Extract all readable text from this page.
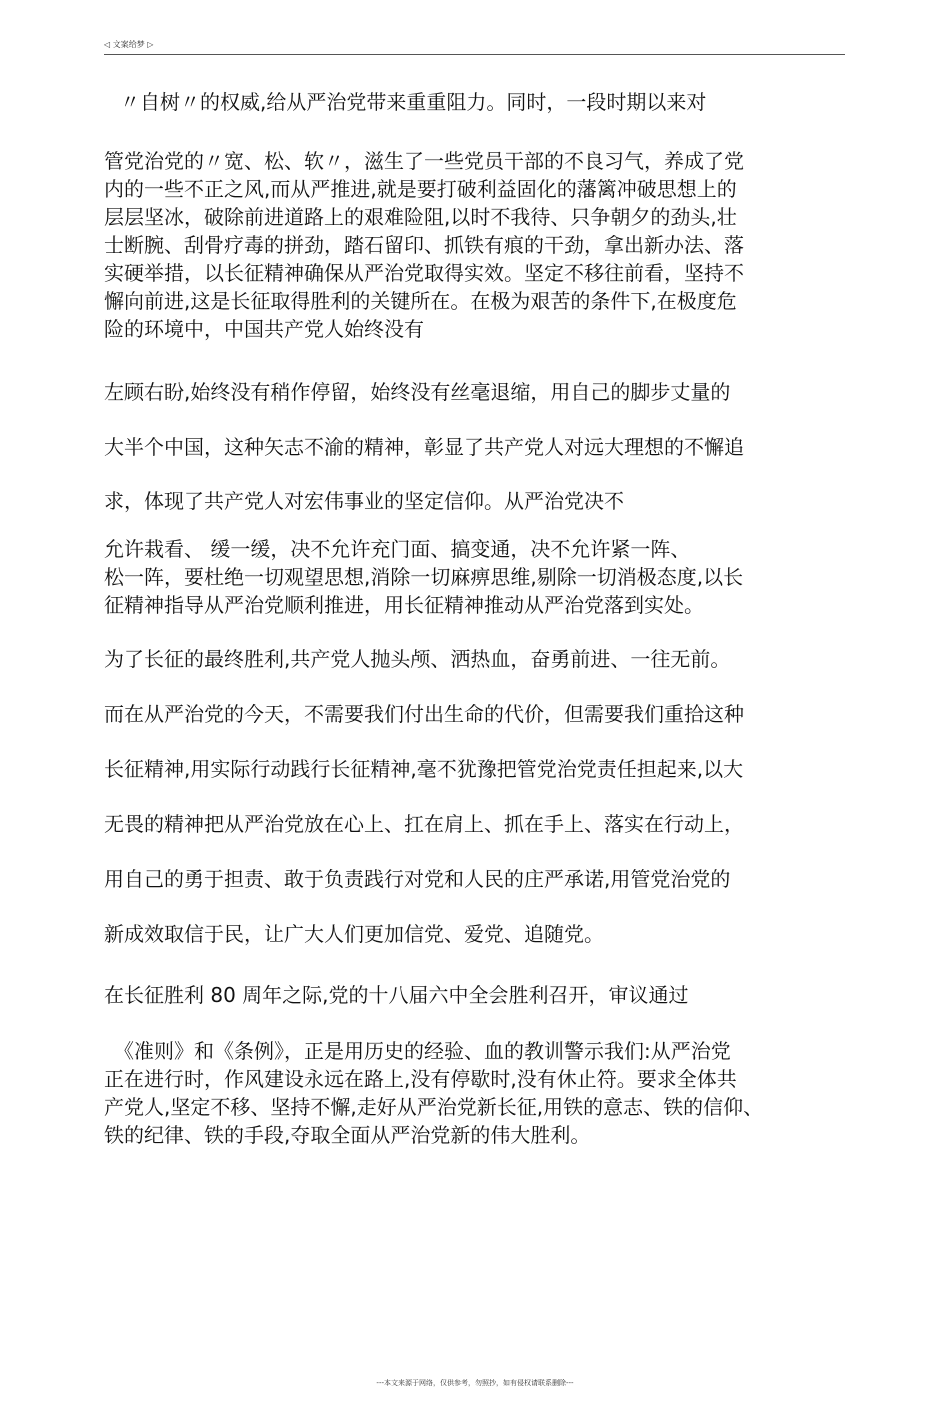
◁ 文案给梦 ▷
〃自树〃的权威,给从严治党带来重重阻力。同时，一段时期以来对
管党治党的〃宽、松、软〃，滋生了一些党员干部的不良习气，养成了党
内的一些不正之风,而从严推进,就是要打破利益固化的藩篱冲破思想上的
层层坚冰，破除前进道路上的艰难险阻,以时不我待、只争朝夕的劲头,壮
士断腕、刮骨疗毒的拼劲，踏石留印、抓铁有痕的干劲，拿出新办法、落
实硬举措，以长征精神确保从严治党取得实效。坚定不移往前看，坚持不
懈向前进,这是长征取得胜利的关键所在。在极为艰苦的条件下,在极度危
险的环境中，中国共产党人始终没有
左顾右盼,始终没有稍作停留，始终没有丝毫退缩，用自己的脚步丈量的
大半个中国，这种矢志不渝的精神，彰显了共产党人对远大理想的不懈追
求，体现了共产党人对宏伟事业的坚定信仰。从严治党决不
允许栽看、 缓一缓，决不允许充门面、搞变通，决不允许紧一阵、
松一阵，要杜绝一切观望思想,消除一切麻痹思维,剔除一切消极态度,以长
征精神指导从严治党顺利推进，用长征精神推动从严治党落到实处。
为了长征的最终胜利,共产党人抛头颅、洒热血，奋勇前进、一往无前。
而在从严治党的今天，不需要我们付出生命的代价，但需要我们重拾这种
长征精神,用实际行动践行长征精神,毫不犹豫把管党治党责任担起来,以大
无畏的精神把从严治党放在心上、扛在肩上、抓在手上、落实在行动上，
用自己的勇于担责、敢于负责践行对党和人民的庄严承诺,用管党治党的
新成效取信于民，让广大人们更加信党、爱党、追随党。
在长征胜利 80 周年之际,党的十八届六中全会胜利召开，审议通过
《准则》和《条例》，正是用历史的经验、血的教训警示我们:从严治党
正在进行时，作风建设永远在路上,没有停歇时,没有休止符。要求全体共
产党人,坚定不移、坚持不懈,走好从严治党新长征,用铁的意志、铁的信仰、
铁的纪律、铁的手段,夺取全面从严治党新的伟大胜利。
---本文来源于网络，仅供参考，勿照抄，如有侵权请联系删除---
